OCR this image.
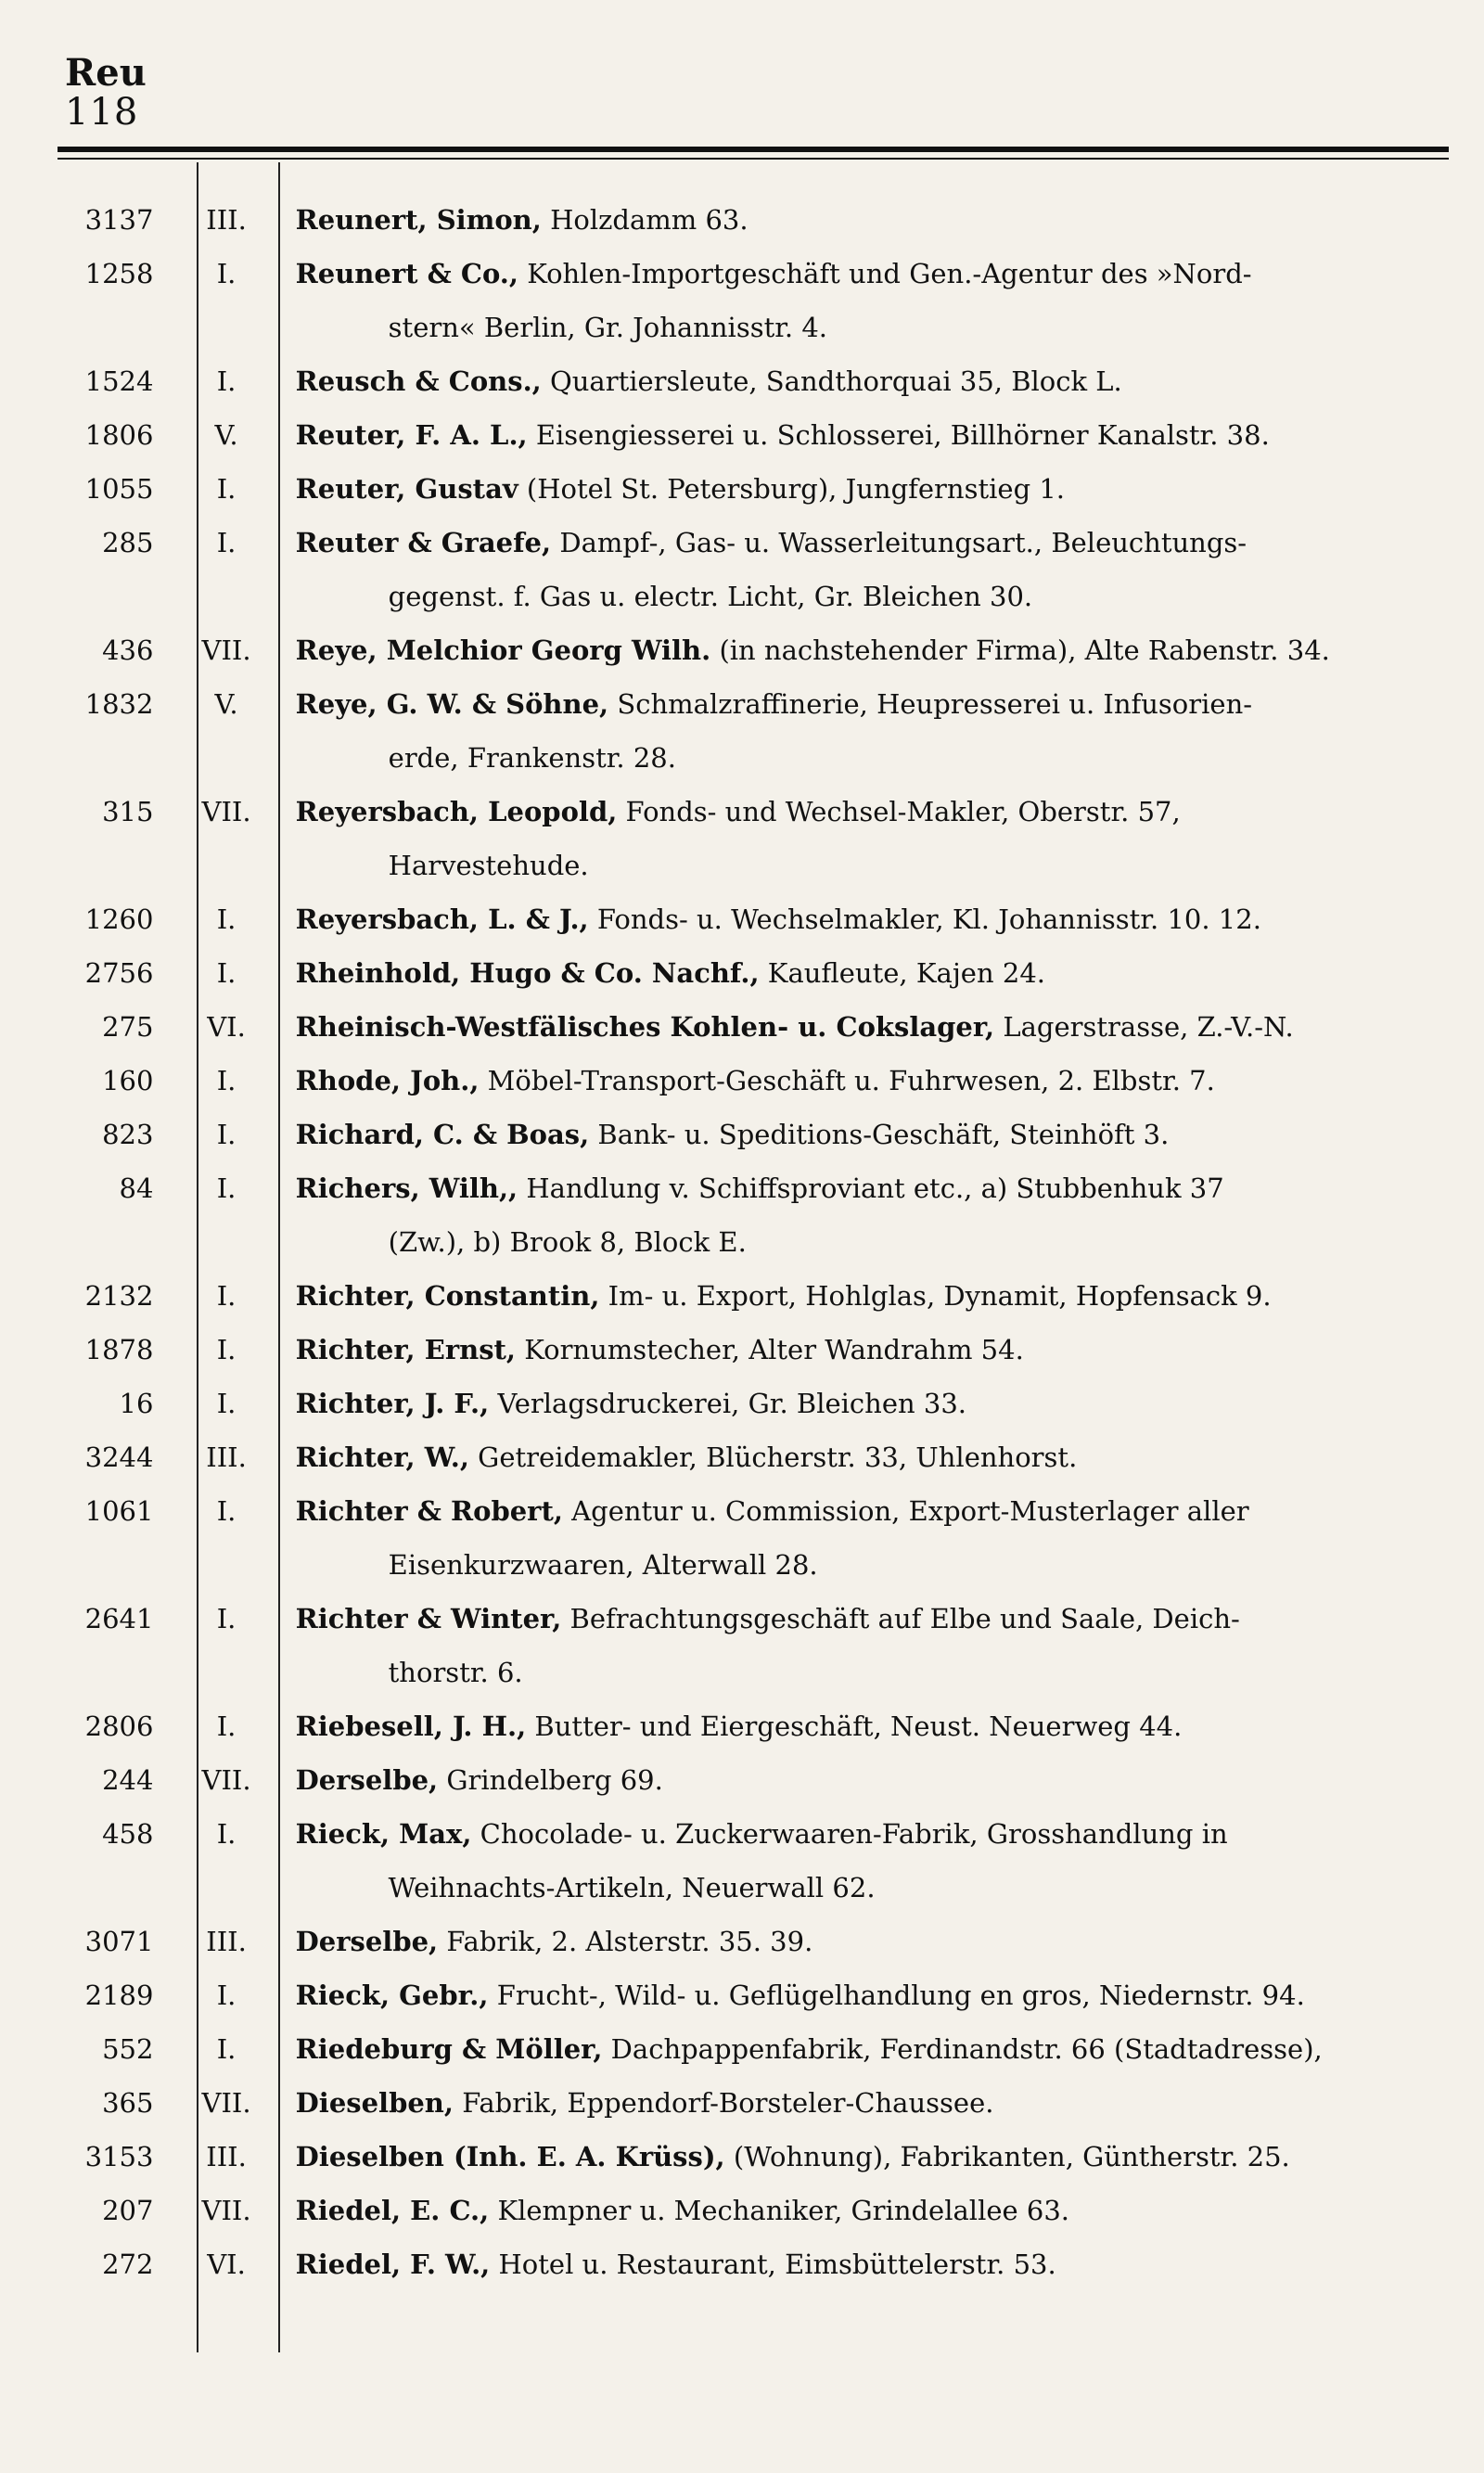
Reu
118
3137	III.	Reunert, Simon, Holzdamm 63.
1258	I.	Reunert & Co., Kohlen-Importgeschäft und Gen.-Agentur des »Nord-
stern« Berlin, Gr. Johannisstr. 4.
1524	I.	Reusch & Cons., Quartiersleute, Sandthorquai 35, Block L.
1806	V.	Reuter, F. A. L., Eisengiesserei u. Schlosserei, Billhörner Kanalstr. 38.
1055	I.	Reuter, Gustav (Hotel St. Petersburg), Jungfernstieg 1.
285	I.	Reuter & Graefe, Dampf-, Gas- u. Wasserleitungsart., Beleuchtungs-
gegenst. f. Gas u. electr. Licht, Gr. Bleichen 30.
436	VII.	Reye, Melchior Georg Wilh. (in nachstehender Firma), Alte Rabenstr. 34.
1832	V.	Reye, G. W. & Söhne, Schmalzraffinerie, Heupresserei u. Infusorien-
erde, Frankenstr. 28.
315	VII.	Reyersbach, Leopold, Fonds- und Wechsel-Makler, Oberstr. 57,
Harvestehude.
1260	I.	Reyersbach, L. & J., Fonds- u. Wechselmakler, Kl. Johannisstr. 10. 12.
2756	I.	Rheinhold, Hugo & Co. Nachf., Kaufleute, Kajen 24.
275	VI.	Rheinisch-Westfälisches Kohlen- u. Cokslager, Lagerstrasse, Z.-V.-N.
160	I.	Rhode, Joh., Möbel-Transport-Geschäft u. Fuhrwesen, 2. Elbstr. 7.
823	I.	Richard, C. & Boas, Bank- u. Speditions-Geschäft, Steinhöft 3.
84	I.	Richers, Wilh,, Handlung v. Schiffsproviant etc., a) Stubbenhuk 37
(Zw.), b) Brook 8, Block E.
2132	I.	Richter, Constantin, Im- u. Export, Hohlglas, Dynamit, Hopfensack 9.
1878	I.	Richter, Ernst, Kornumstecher, Alter Wandrahm 54.
16	I.	Richter, J. F., Verlagsdruckerei, Gr. Bleichen 33.
3244	III.	Richter, W., Getreidemakler, Blücherstr. 33, Uhlenhorst.
1061	I.	Richter & Robert, Agentur u. Commission, Export-Musterlager aller
Eisenkurzwaaren, Alterwall 28.
2641	I.	Richter & Winter, Befrachtungsgeschäft auf Elbe und Saale, Deich-
thorstr. 6.
2806	I.	Riebesell, J. H., Butter- und Eiergeschäft, Neust. Neuerweg 44.
244	VII.	Derselbe, Grindelberg 69.
458	I.	Rieck, Max, Chocolade- u. Zuckerwaaren-Fabrik, Grosshandlung in
Weihnachts-Artikeln, Neuerwall 62.
3071	III.	Derselbe, Fabrik, 2. Alsterstr. 35. 39.
2189	I.	Rieck, Gebr., Frucht-, Wild- u. Geflügelhandlung en gros, Niedernstr. 94.
552	I.	Riedeburg & Möller, Dachpappenfabrik, Ferdinandstr. 66 (Stadtadresse),
365	VII.	Dieselben, Fabrik, Eppendorf-Borsteler-Chaussee.
3153	III.	Dieselben (Inh. E. A. Krüss), (Wohnung), Fabrikanten, Güntherstr. 25.
207	VII.	Riedel, E. C., Klempner u. Mechaniker, Grindelallee 63.
272	VI.	Riedel, F. W., Hotel u. Restaurant, Eimsbüttelerstr. 53.
